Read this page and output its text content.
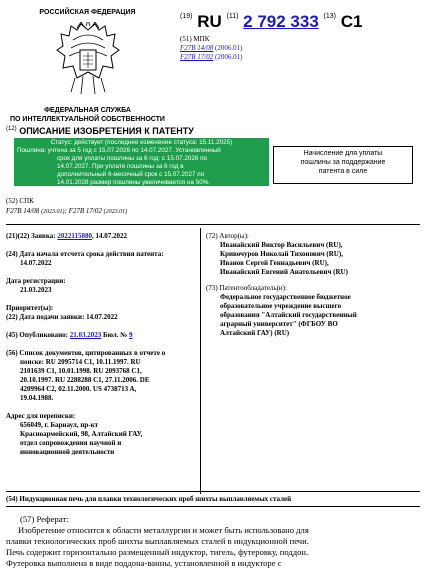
РОССИЙСКАЯ ФЕДЕРАЦИЯ
ФЕДЕРАЛЬНАЯ СЛУЖБА
ПО ИНТЕЛЛЕКТУАЛЬНОЙ СОБСТВЕННОСТИ
$^{(19)}$ RU $^{(11)}$ 2 792 333 $^{(13)}$ C1
(51) МПК
F27B 14/08 (2006.01)
F27B 17/02 (2006.01)
$^{(12)}$ ОПИСАНИЕ ИЗОБРЕТЕНИЯ К ПАТЕНТУ
Статус: действует (последнее изменение статуса: 15.11.2025)
Пошлина: учтена за 5 год с 15.07.2026 по 14.07.2027. Установленный
срок для уплаты пошлины за 6 год: с 15.07.2026 по
14.07.2027. При уплате пошлины за 6 год в
дополнительный 6-месячный срок с 15.07.2027 по
14.01.2028 размер пошлины увеличивается на 50%.
Начисление для уплаты
пошлины за поддержание
патента в силе
(52) СПК
F27B 14/08 (2023.01); F27B 17/02 (2023.01)
(21)(22) Заявка: 2022115080, 14.07.2022
(24) Дата начала отсчета срока действия патента:
14.07.2022
Дата регистрации:
21.03.2023
Приоритет(ы):
(22) Дата подачи заявки: 14.07.2022
(45) Опубликовано: 21.03.2023 Бюл. № 9
(56) Список документов, цитированных в отчете о
поиске: RU 2095714 C1, 10.11.1997. RU
2101639 C1, 10.01.1998. RU 2093768 C1,
20.10.1997. RU 2288288 C1, 27.11.2006. DE
4209964 C2, 02.11.2000. US 4738713 A,
19.04.1988.
Адрес для переписки:
656049, г. Барнаул, пр-кт
Красноармейский, 98, Алтайский ГАУ,
отдел сопровождения научной и
инновационной деятельности
(72) Автор(ы):
Иванайский Виктор Васильевич (RU),
Кривочуров Николай Тихонович (RU),
Иванов Сергей Геннадьевич (RU),
Иванайский Евгений Анатольевич (RU)
(73) Патентообладатель(и):
Федеральное государственное бюджетное
образовательное учреждение высшего
образования "Алтайский государственный
аграрный университет" (ФГБОУ ВО
Алтайский ГАУ) (RU)
(54) Индукционная печь для плавки технологических проб шихты выплавляемых сталей
(57) Реферат:

Изобретение относится к области металлургии и может быть использовано для

плавки технологических проб шихты выплавляемых сталей в индукционной печи.

Печь содержит горизонтально размещенный индуктор, тигель, футеровку, поддон.

Футеровка выполнена в виде поддона-ванны, установленной в индукторе с
